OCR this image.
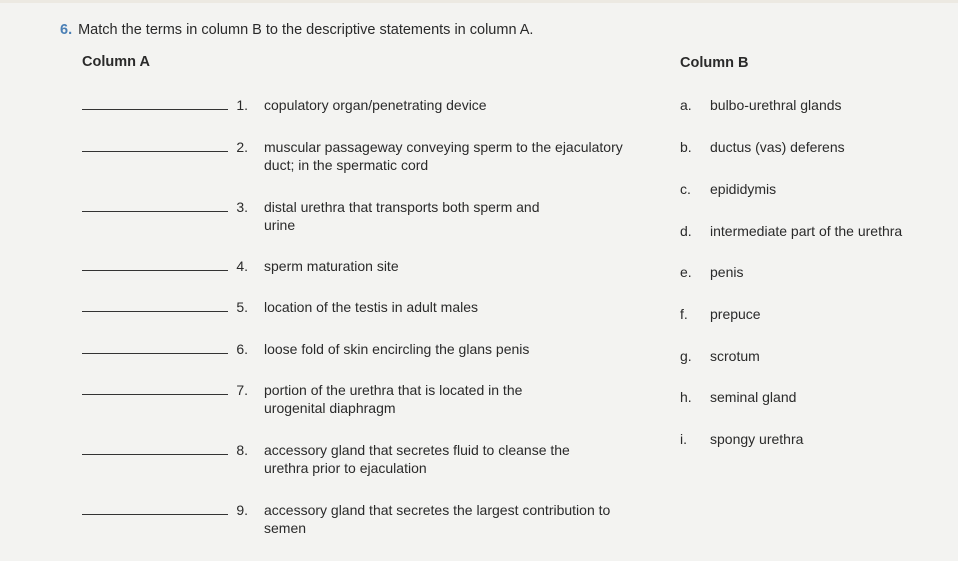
6. Match the terms in column B to the descriptive statements in column A.
Column A	Column B
1. copulatory organ/penetrating device
2. muscular passageway conveying sperm to the ejaculatory duct; in the spermatic cord
3. distal urethra that transports both sperm and urine
4. sperm maturation site
5. location of the testis in adult males
6. loose fold of skin encircling the glans penis
7. portion of the urethra that is located in the urogenital diaphragm
8. accessory gland that secretes fluid to cleanse the urethra prior to ejaculation
9. accessory gland that secretes the largest contribution to semen
a. bulbo-urethral glands
b. ductus (vas) deferens
c. epididymis
d. intermediate part of the urethra
e. penis
f. prepuce
g. scrotum
h. seminal gland
i. spongy urethra
